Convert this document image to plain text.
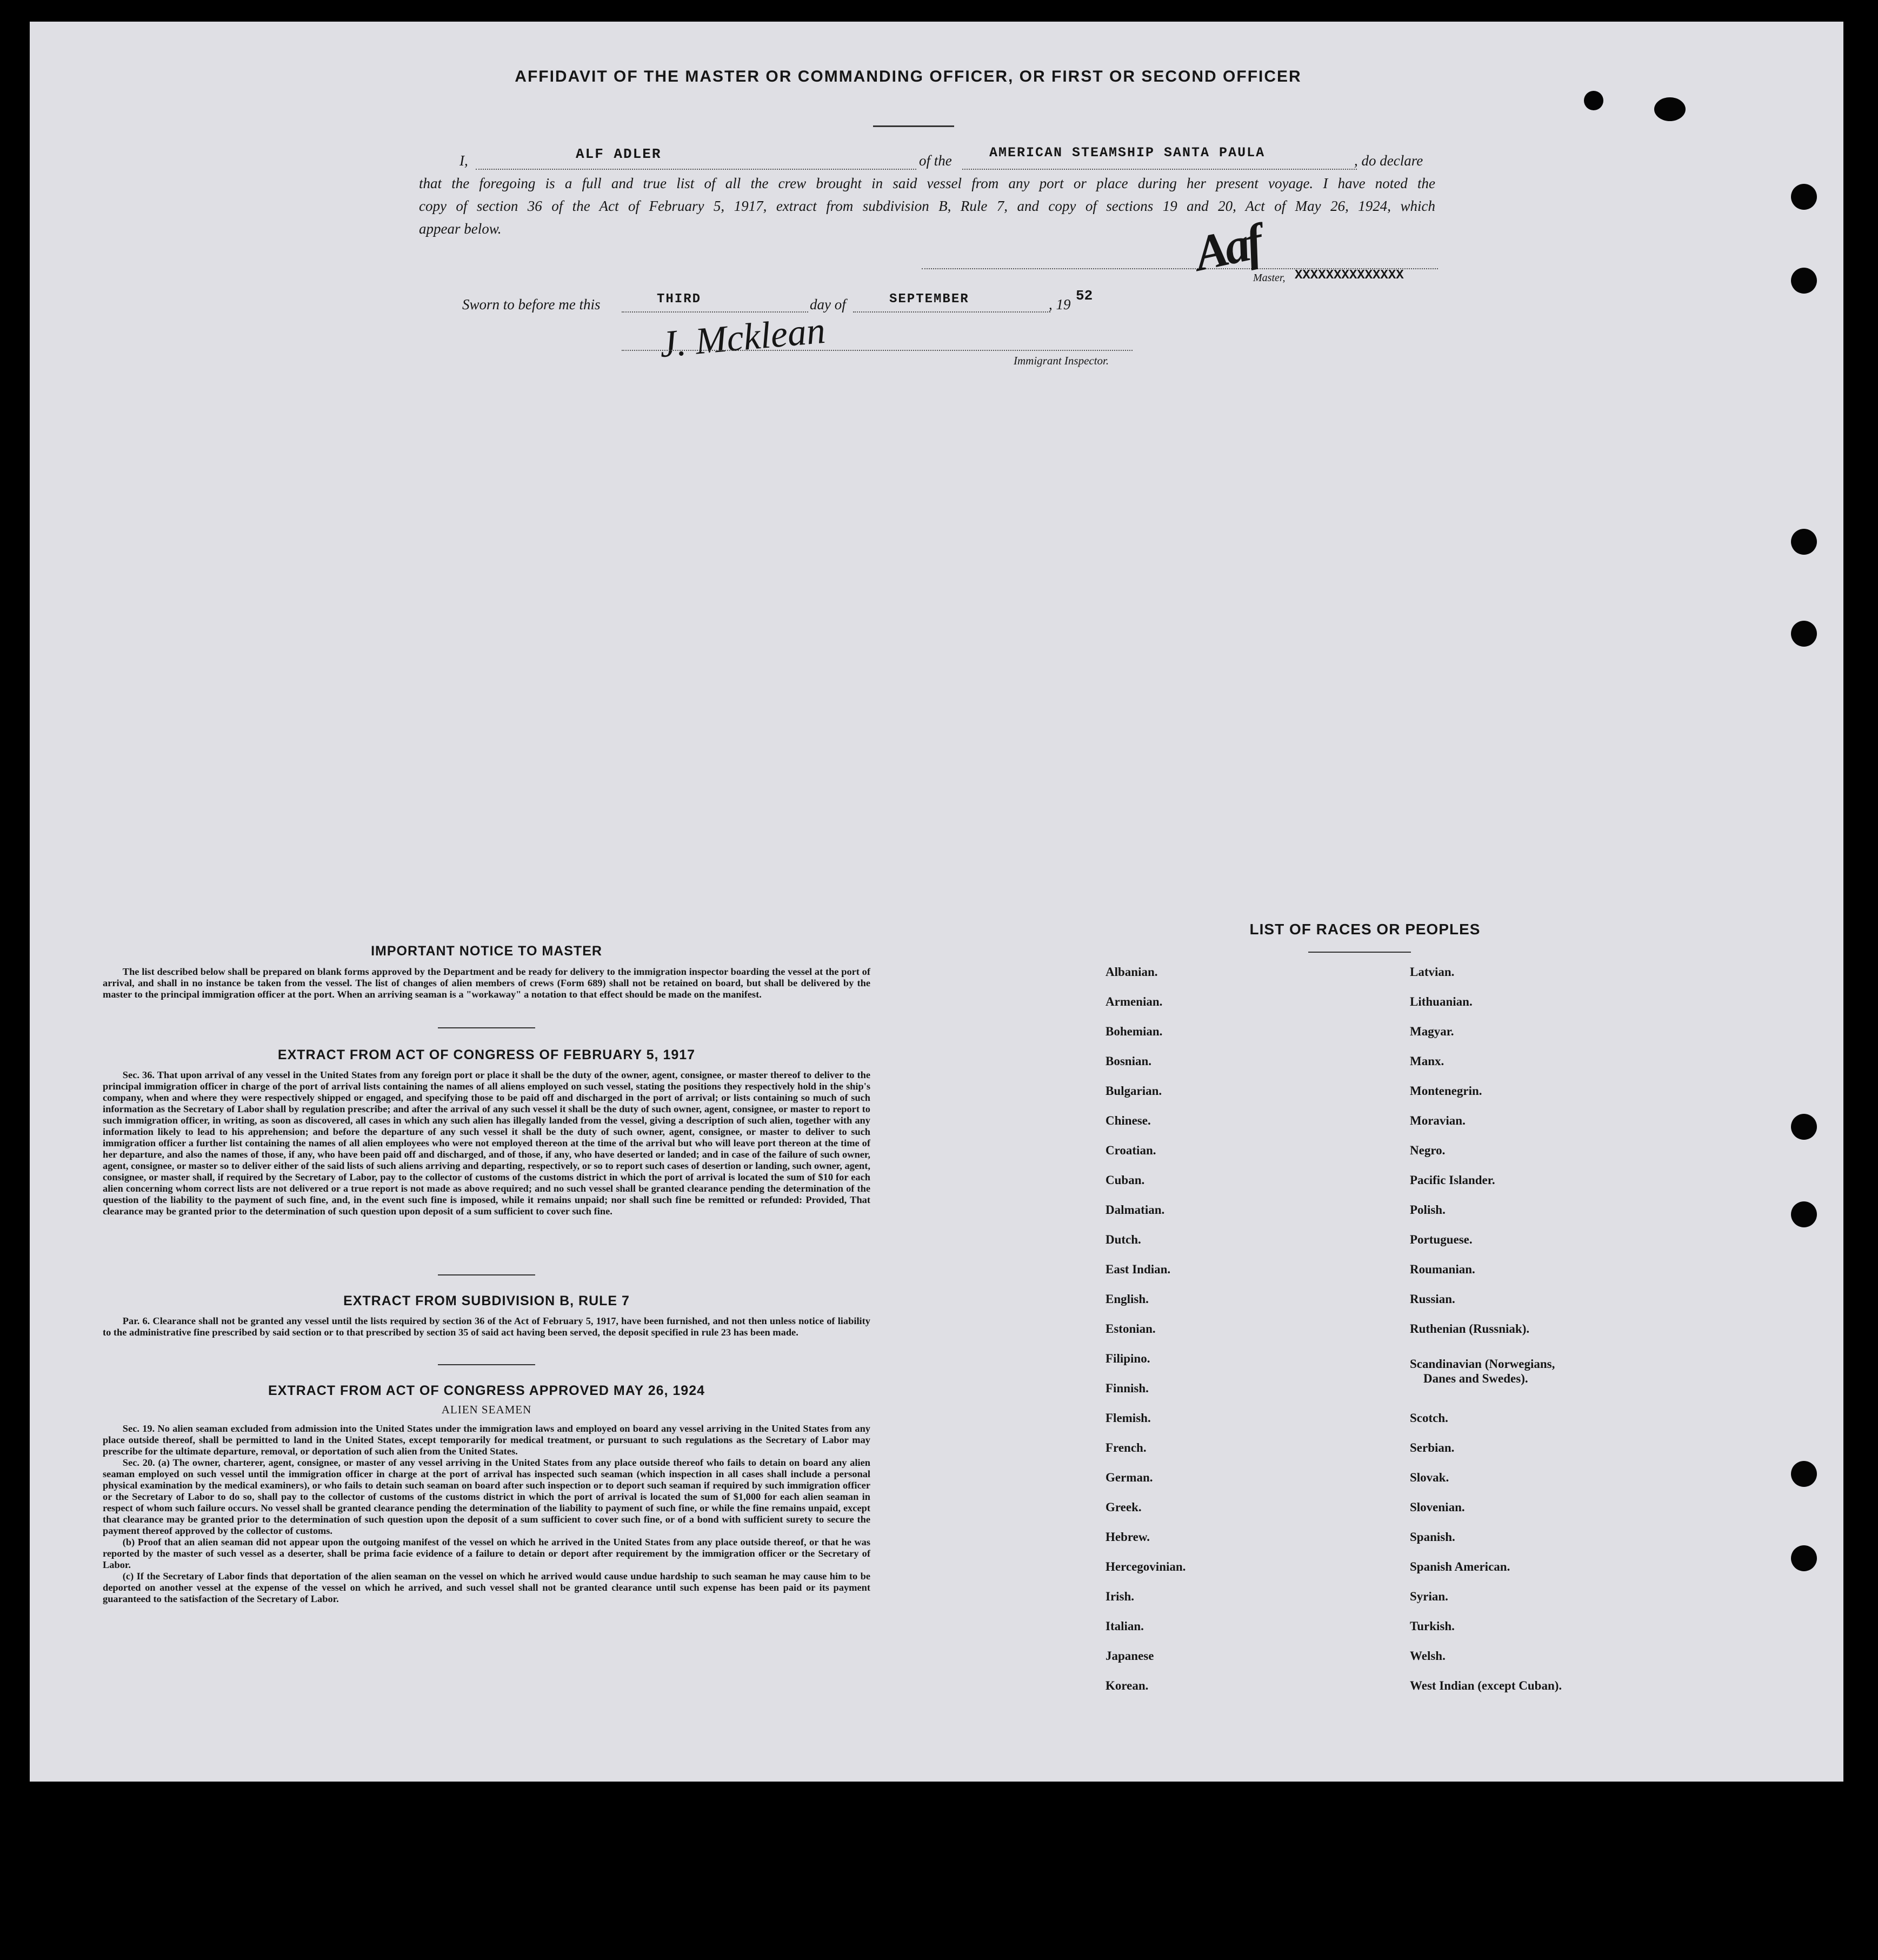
AFFIDAVIT OF THE MASTER OR COMMANDING OFFICER, OR FIRST OR SECOND OFFICER
I,	ALF ADLER	of the	AMERICAN STEAMSHIP SANTA PAULA	, do declare
that the foregoing is a full and true list of all the crew brought in said vessel from any port or place during her present voyage. I have noted the
copy of section 36 of the Act of February 5, 1917, extract from subdivision B, Rule 7, and copy of sections 19 and 20, Act of May 26, 1924, which
appear below.	Aaf
Master, XXXXXXXXXXXXXX
Sworn to before me this	THIRD	day of	SEPTEMBER	, 19
52
J. Mcklean	Immigrant Inspector.
IMPORTANT NOTICE TO MASTER
The list described below shall be prepared on blank forms approved by the Department and be ready for delivery to the immigration inspector boarding the vessel at the port of arrival, and shall in no instance be taken from the vessel. The list of changes of alien members of crews (Form 689) shall not be retained on board, but shall be delivered by the master to the principal immigration officer at the port. When an arriving seaman is a "workaway" a notation to that effect should be made on the manifest.
EXTRACT FROM ACT OF CONGRESS OF FEBRUARY 5, 1917
Sec. 36. That upon arrival of any vessel in the United States from any foreign port or place it shall be the duty of the owner, agent, consignee, or master thereof to deliver to the principal immigration officer in charge of the port of arrival lists containing the names of all aliens employed on such vessel, stating the positions they respectively hold in the ship's company, when and where they were respectively shipped or engaged, and specifying those to be paid off and discharged in the port of arrival; or lists containing so much of such information as the Secretary of Labor shall by regulation prescribe; and after the arrival of any such vessel it shall be the duty of such owner, agent, consignee, or master to report to such immigration officer, in writing, as soon as discovered, all cases in which any such alien has illegally landed from the vessel, giving a description of such alien, together with any information likely to lead to his apprehension; and before the departure of any such vessel it shall be the duty of such owner, agent, consignee, or master to deliver to such immigration officer a further list containing the names of all alien employees who were not employed thereon at the time of the arrival but who will leave port thereon at the time of her departure, and also the names of those, if any, who have been paid off and discharged, and of those, if any, who have deserted or landed; and in case of the failure of such owner, agent, consignee, or master so to deliver either of the said lists of such aliens arriving and departing, respectively, or so to report such cases of desertion or landing, such owner, agent, consignee, or master shall, if required by the Secretary of Labor, pay to the collector of customs of the customs district in which the port of arrival is located the sum of $10 for each alien concerning whom correct lists are not delivered or a true report is not made as above required; and no such vessel shall be granted clearance pending the determination of the question of the liability to the payment of such fine, and, in the event such fine is imposed, while it remains unpaid; nor shall such fine be remitted or refunded: Provided, That clearance may be granted prior to the determination of such question upon deposit of a sum sufficient to cover such fine.
EXTRACT FROM SUBDIVISION B, RULE 7
Par. 6. Clearance shall not be granted any vessel until the lists required by section 36 of the Act of February 5, 1917, have been furnished, and not then unless notice of liability to the administrative fine prescribed by said section or to that prescribed by section 35 of said act having been served, the deposit specified in rule 23 has been made.
EXTRACT FROM ACT OF CONGRESS APPROVED MAY 26, 1924
ALIEN SEAMEN
Sec. 19. No alien seaman excluded from admission into the United States under the immigration laws and employed on board any vessel arriving in the United States from any place outside thereof, shall be permitted to land in the United States, except temporarily for medical treatment, or pursuant to such regulations as the Secretary of Labor may prescribe for the ultimate departure, removal, or deportation of such alien from the United States.
Sec. 20. (a) The owner, charterer, agent, consignee, or master of any vessel arriving in the United States from any place outside thereof who fails to detain on board any alien seaman employed on such vessel until the immigration officer in charge at the port of arrival has inspected such seaman (which inspection in all cases shall include a personal physical examination by the medical examiners), or who fails to detain such seaman on board after such inspection or to deport such seaman if required by such immigration officer or the Secretary of Labor to do so, shall pay to the collector of customs of the customs district in which the port of arrival is located the sum of $1,000 for each alien seaman in respect of whom such failure occurs. No vessel shall be granted clearance pending the determination of the liability to payment of such fine, or while the fine remains unpaid, except that clearance may be granted prior to the determination of such question upon the deposit of a sum sufficient to cover such fine, or of a bond with sufficient surety to secure the payment thereof approved by the collector of customs.
(b) Proof that an alien seaman did not appear upon the outgoing manifest of the vessel on which he arrived in the United States from any place outside thereof, or that he was reported by the master of such vessel as a deserter, shall be prima facie evidence of a failure to detain or deport after requirement by the immigration officer or the Secretary of Labor.
(c) If the Secretary of Labor finds that deportation of the alien seaman on the vessel on which he arrived would cause undue hardship to such seaman he may cause him to be deported on another vessel at the expense of the vessel on which he arrived, and such vessel shall not be granted clearance until such expense has been paid or its payment guaranteed to the satisfaction of the Secretary of Labor.
LIST OF RACES OR PEOPLES
Albanian.
Armenian.
Bohemian.
Bosnian.
Bulgarian.
Chinese.
Croatian.
Cuban.
Dalmatian.
Dutch.
East Indian.
English.
Estonian.
Filipino.
Finnish.
Flemish.
French.
German.
Greek.
Hebrew.
Hercegovinian.
Irish.
Italian.
Japanese
Korean.
Latvian.
Lithuanian.
Magyar.
Manx.
Montenegrin.
Moravian.
Negro.
Pacific Islander.
Polish.
Portuguese.
Roumanian.
Russian.
Ruthenian (Russniak).
Scandinavian (Norwegians,
Danes and Swedes).
Scotch.
Serbian.
Slovak.
Slovenian.
Spanish.
Spanish American.
Syrian.
Turkish.
Welsh.
West Indian (except Cuban).
